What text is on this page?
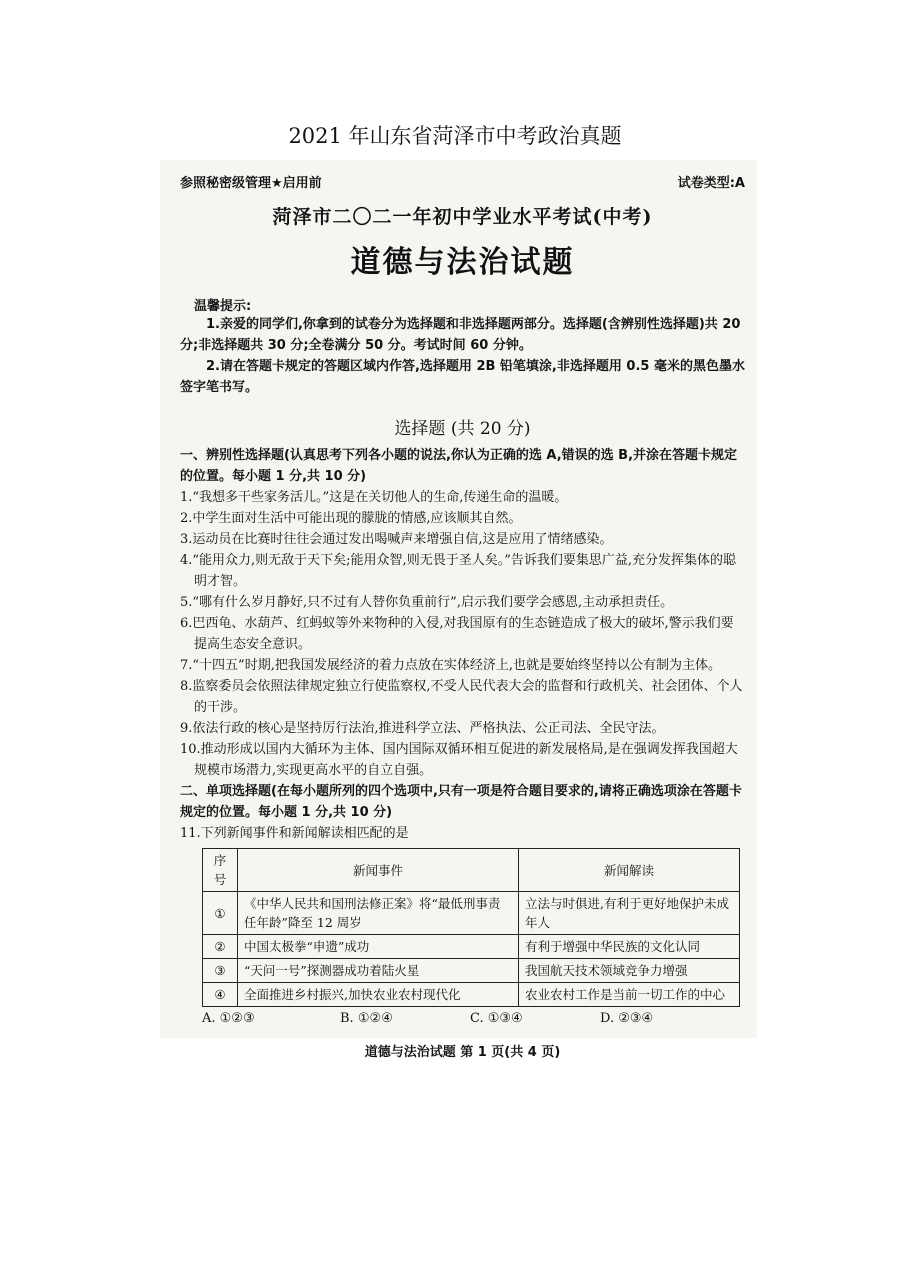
2021 年山东省菏泽市中考政治真题
参照秘密级管理★启用前	试卷类型:A
菏泽市二〇二一年初中学业水平考试(中考)
道德与法治试题
温馨提示:
1.亲爱的同学们,你拿到的试卷分为选择题和非选择题两部分。选择题(含辨别性选择题)共 20 分;非选择题共 30 分;全卷满分 50 分。考试时间 60 分钟。
2.请在答题卡规定的答题区域内作答,选择题用 2B 铅笔填涂,非选择题用 0.5 毫米的黑色墨水签字笔书写。
选择题 (共 20 分)
一、辨别性选择题(认真思考下列各小题的说法,你认为正确的选 A,错误的选 B,并涂在答题卡规定的位置。每小题 1 分,共 10 分)
1.“我想多干些家务活儿。”这是在关切他人的生命,传递生命的温暖。
2.中学生面对生活中可能出现的朦胧的情感,应该顺其自然。
3.运动员在比赛时往往会通过发出喝喊声来增强自信,这是应用了情绪感染。
4.“能用众力,则无敌于天下矣;能用众智,则无畏于圣人矣。”告诉我们要集思广益,充分发挥集体的聪明才智。
5.“哪有什么岁月静好,只不过有人替你负重前行”,启示我们要学会感恩,主动承担责任。
6.巴西龟、水葫芦、红蚂蚁等外来物种的入侵,对我国原有的生态链造成了极大的破坏,警示我们要提高生态安全意识。
7.“十四五”时期,把我国发展经济的着力点放在实体经济上,也就是要始终坚持以公有制为主体。
8.监察委员会依照法律规定独立行使监察权,不受人民代表大会的监督和行政机关、社会团体、个人的干涉。
9.依法行政的核心是坚持厉行法治,推进科学立法、严格执法、公正司法、全民守法。
10.推动形成以国内大循环为主体、国内国际双循环相互促进的新发展格局,是在强调发挥我国超大规模市场潜力,实现更高水平的自立自强。
二、单项选择题(在每小题所列的四个选项中,只有一项是符合题目要求的,请将正确选项涂在答题卡规定的位置。每小题 1 分,共 10 分)
11.下列新闻事件和新闻解读相匹配的是
序号	新闻事件	新闻解读
①	《中华人民共和国刑法修正案》将“最低刑事责任年龄”降至 12 周岁	立法与时俱进,有利于更好地保护未成年人
②	中国太极拳“申遗”成功	有利于增强中华民族的文化认同
③	“天问一号”探测器成功着陆火星	我国航天技术领域竞争力增强
④	全面推进乡村振兴,加快农业农村现代化	农业农村工作是当前一切工作的中心
A. ①②③	B. ①②④	C. ①③④	D. ②③④
道德与法治试题 第 1 页(共 4 页)
